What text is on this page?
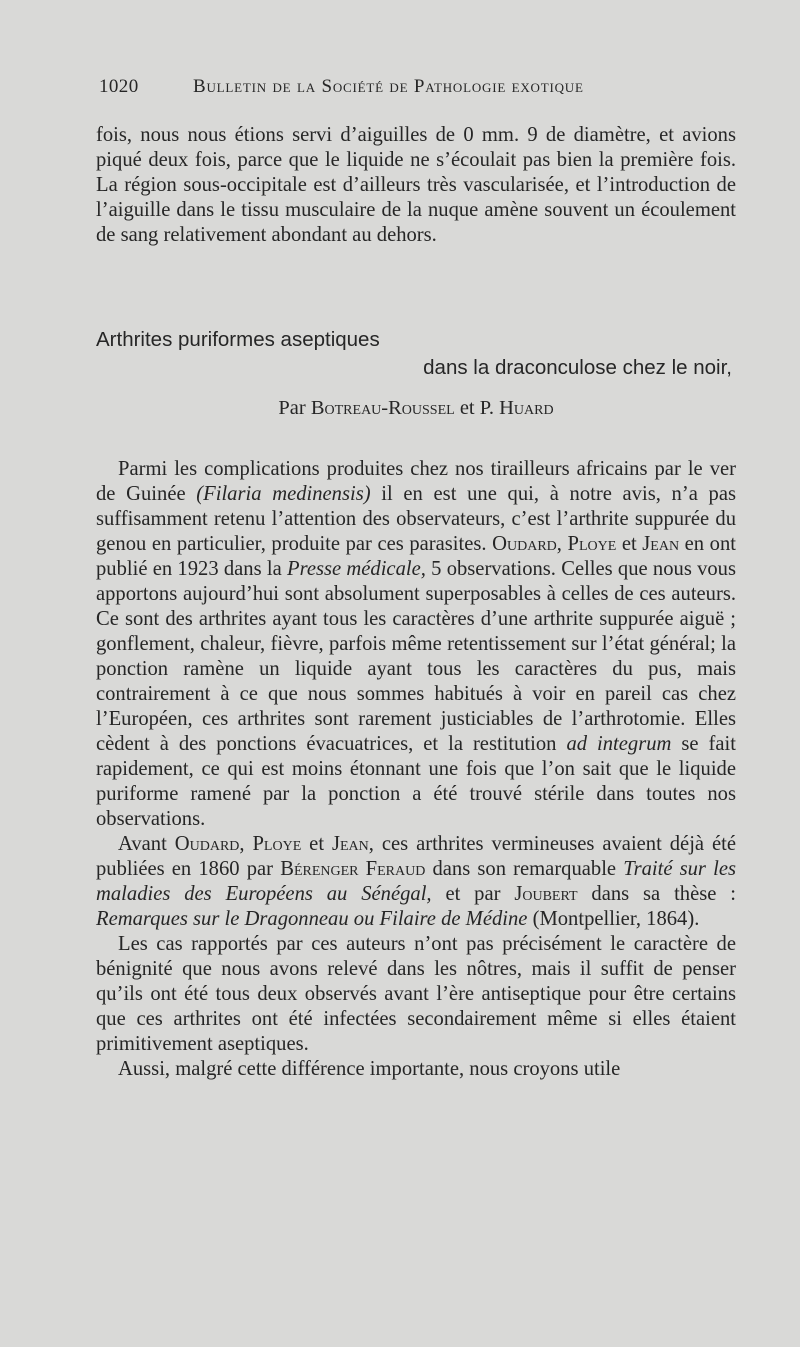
1020	Bulletin de la Société de Pathologie exotique

fois, nous nous étions servi d’aiguilles de 0 mm. 9 de diamètre, et avions piqué deux fois, parce que le liquide ne s’écoulait pas bien la première fois. La région sous-occipitale est d’ailleurs très vascularisée, et l’introduction de l’aiguille dans le tissu musculaire de la nuque amène souvent un écoulement de sang relativement abondant au dehors.

Arthrites puriformes aseptiques
dans la draconculose chez le noir,
Par Botreau-Roussel et P. Huard

Parmi les complications produites chez nos tirailleurs africains par le ver de Guinée (Filaria medinensis) il en est une qui, à notre avis, n’a pas suffisamment retenu l’attention des observateurs, c’est l’arthrite suppurée du genou en particulier, produite par ces parasites. Oudard, Ploye et Jean en ont publié en 1923 dans la Presse médicale, 5 observations. Celles que nous vous apportons aujourd’hui sont absolument superposables à celles de ces auteurs. Ce sont des arthrites ayant tous les caractères d’une arthrite suppurée aiguë ; gonflement, chaleur, fièvre, parfois même retentissement sur l’état général; la ponction ramène un liquide ayant tous les caractères du pus, mais contrairement à ce que nous sommes habitués à voir en pareil cas chez l’Européen, ces arthrites sont rarement justiciables de l’arthrotomie. Elles cèdent à des ponctions évacuatrices, et la restitution ad integrum se fait rapidement, ce qui est moins étonnant une fois que l’on sait que le liquide puriforme ramené par la ponction a été trouvé stérile dans toutes nos observations.

Avant Oudard, Ploye et Jean, ces arthrites vermineuses avaient déjà été publiées en 1860 par Bérenger Feraud dans son remarquable Traité sur les maladies des Européens au Sénégal, et par Joubert dans sa thèse : Remarques sur le Dragonneau ou Filaire de Médine (Montpellier, 1864).

Les cas rapportés par ces auteurs n’ont pas précisément le caractère de bénignité que nous avons relevé dans les nôtres, mais il suffit de penser qu’ils ont été tous deux observés avant l’ère antiseptique pour être certains que ces arthrites ont été infectées secondairement même si elles étaient primitivement aseptiques.

Aussi, malgré cette différence importante, nous croyons utile
